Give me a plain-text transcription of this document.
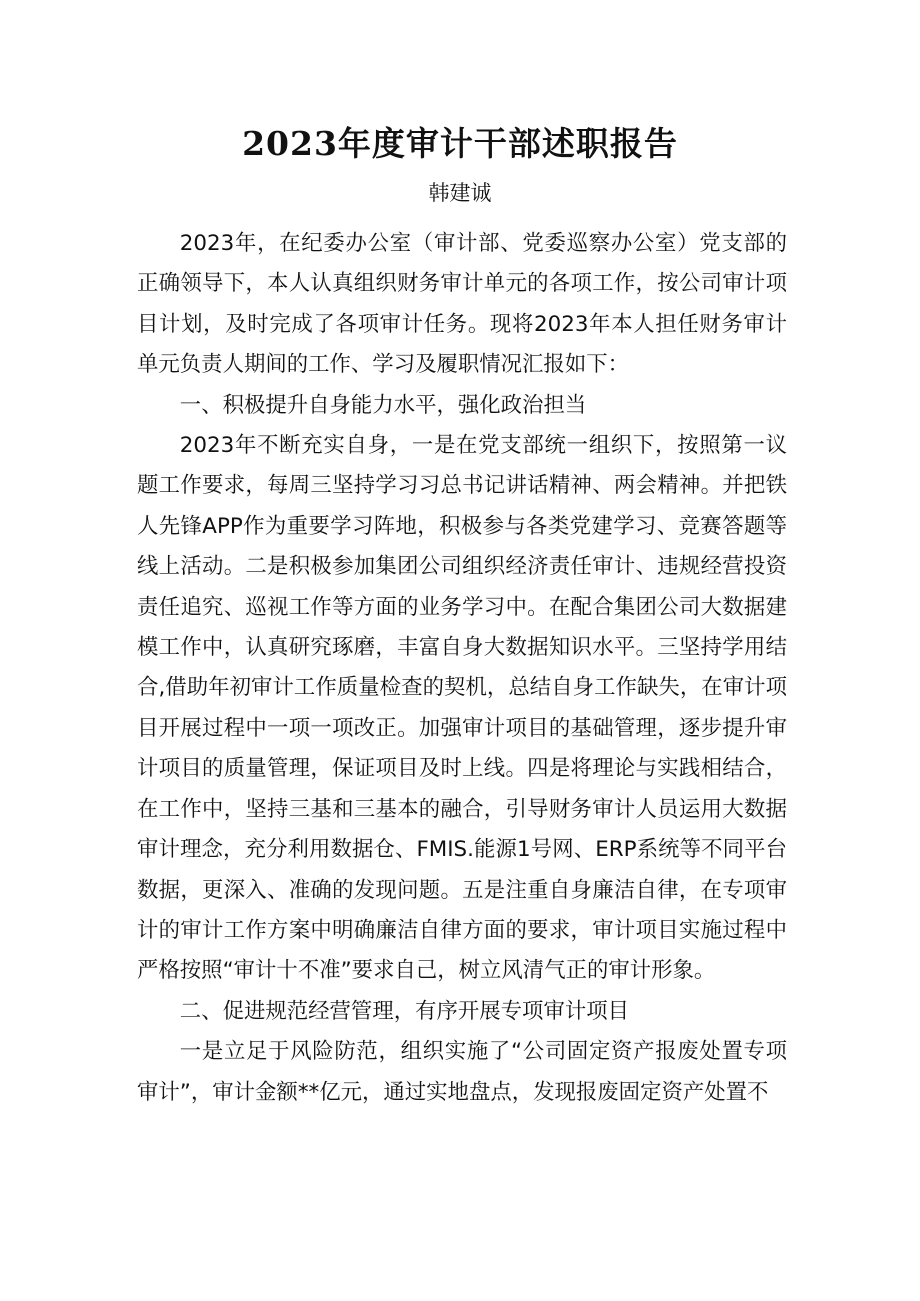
2023年度审计干部述职报告
韩建诚

2023年，在纪委办公室（审计部、党委巡察办公室）党支部的正确领导下，本人认真组织财务审计单元的各项工作，按公司审计项目计划，及时完成了各项审计任务。现将2023年本人担任财务审计单元负责人期间的工作、学习及履职情况汇报如下：

一、积极提升自身能力水平，强化政治担当

2023年不断充实自身，一是在党支部统一组织下，按照第一议题工作要求，每周三坚持学习习总书记讲话精神、两会精神。并把铁人先锋APP作为重要学习阵地，积极参与各类党建学习、竞赛答题等线上活动。二是积极参加集团公司组织经济责任审计、违规经营投资责任追究、巡视工作等方面的业务学习中。在配合集团公司大数据建模工作中，认真研究琢磨，丰富自身大数据知识水平。三坚持学用结合,借助年初审计工作质量检查的契机，总结自身工作缺失，在审计项目开展过程中一项一项改正。加强审计项目的基础管理，逐步提升审计项目的质量管理，保证项目及时上线。四是将理论与实践相结合，在工作中，坚持三基和三基本的融合，引导财务审计人员运用大数据审计理念，充分利用数据仓、FMIS.能源1号网、ERP系统等不同平台数据，更深入、准确的发现问题。五是注重自身廉洁自律，在专项审计的审计工作方案中明确廉洁自律方面的要求，审计项目实施过程中严格按照“审计十不准”要求自己，树立风清气正的审计形象。

二、促进规范经营管理，有序开展专项审计项目

一是立足于风险防范，组织实施了“公司固定资产报废处置专项审计”，审计金额**亿元，通过实地盘点，发现报废固定资产处置不
